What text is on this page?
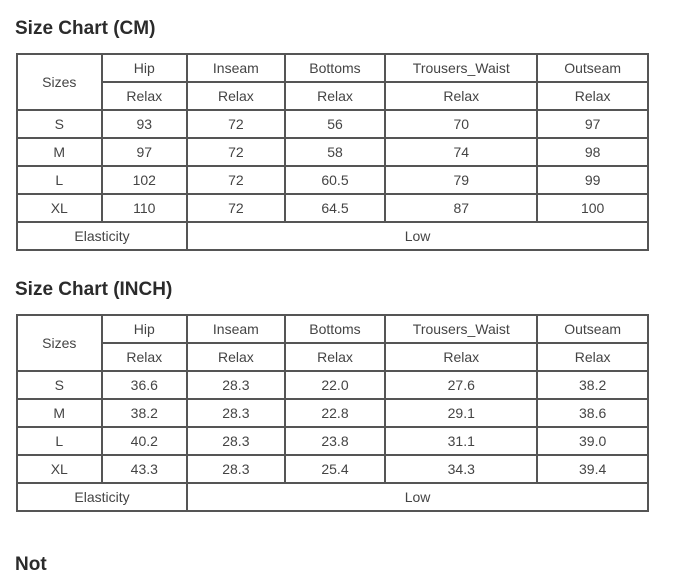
Size Chart (CM)
Sizes	Hip	Inseam	Bottoms	Trousers_Waist	Outseam
	Relax	Relax	Relax	Relax	Relax
S	93	72	56	70	97
M	97	72	58	74	98
L	102	72	60.5	79	99
XL	110	72	64.5	87	100
Elasticity		Low			
Size Chart (INCH)
Sizes	Hip	Inseam	Bottoms	Trousers_Waist	Outseam
	Relax	Relax	Relax	Relax	Relax
S	36.6	28.3	22.0	27.6	38.2
M	38.2	28.3	22.8	29.1	38.6
L	40.2	28.3	23.8	31.1	39.0
XL	43.3	28.3	25.4	34.3	39.4
Elasticity		Low			
Not
